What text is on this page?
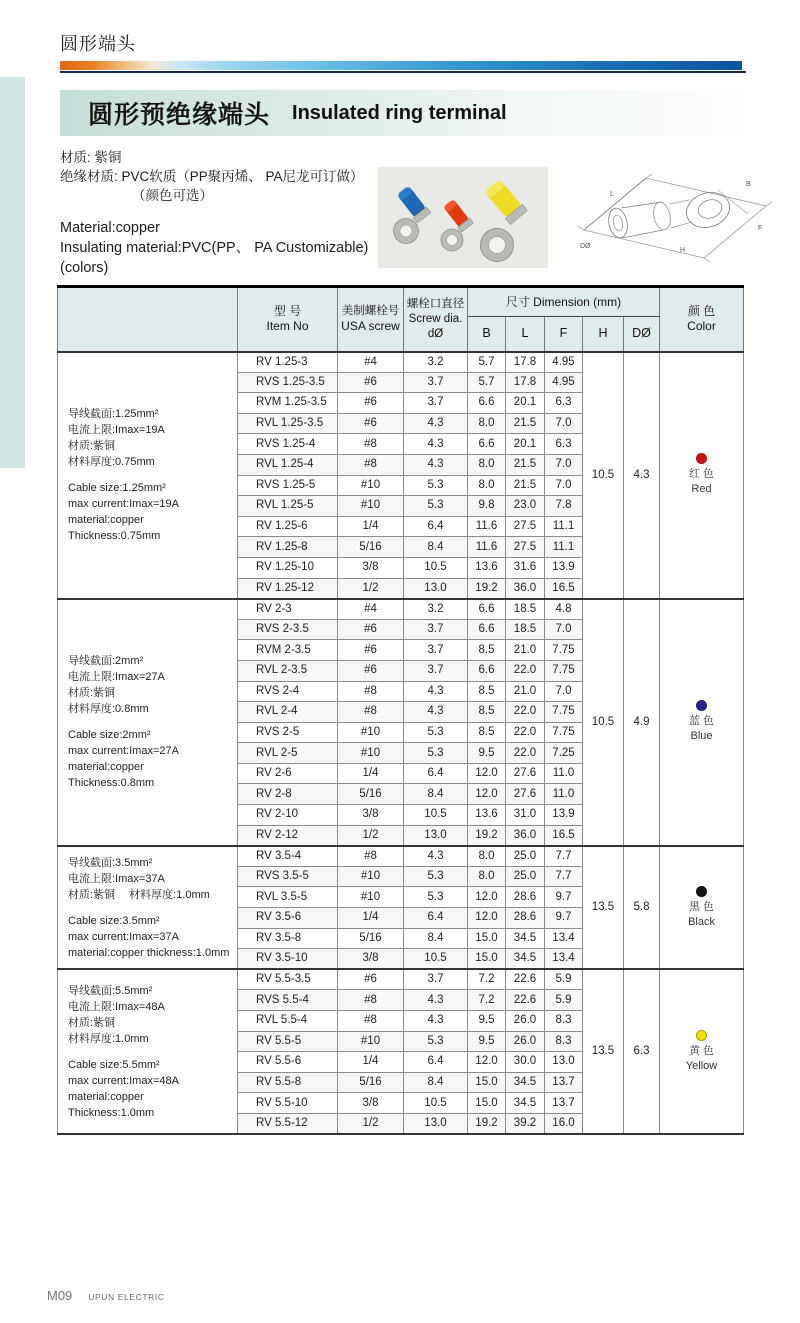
圆形端头
圆形预绝缘端头 Insulated ring terminal
材质: 紫铜
绝缘材质: PVC软质（PP聚丙烯、 PA尼龙可订做）
（颜色可选）
Material:copper
Insulating material:PVC(PP、 PA Customizable)(colors)
L
B
DØ
F
H

型 号
Item No

美制螺栓号
USA screw

螺栓口直径
Screw dia.
dØ
	尺寸 Dimension (mm)	
颜 色
Color

				B	L	F	H	DØ	

导线截面:1.25mm²
电流上限:Imax=19A
材质:紫铜
材料厚度:0.75mm
Cable size:1.25mm²
max current:Imax=19A
material:copper
Thickness:0.75mm
	RV 1.25-3	#4	3.2	5.7	17.8	4.95	10.5	4.3	红 色
Red

	RVS 1.25-3.5	#6	3.7	5.7	17.8	4.95			
	RVM 1.25-3.5	#6	3.7	6.6	20.1	6.3			
	RVL 1.25-3.5	#6	4.3	8.0	21.5	7.0			
	RVS 1.25-4	#8	4.3	6.6	20.1	6.3			
	RVL 1.25-4	#8	4.3	8.0	21.5	7.0			
	RVS 1.25-5	#10	5.3	8.0	21.5	7.0			
	RVL 1.25-5	#10	5.3	9.8	23.0	7.8			
	RV 1.25-6	1/4	6.4	11.6	27.5	11.1			
	RV 1.25-8	5/16	8.4	11.6	27.5	11.1			
	RV 1.25-10	3/8	10.5	13.6	31.6	13.9			
	RV 1.25-12	1/2	13.0	19.2	36.0	16.5			

导线截面:2mm²
电流上限:Imax=27A
材质:紫铜
材料厚度:0.8mm
Cable size:2mm²
max current:Imax=27A
material:copper
Thickness:0.8mm
	RV 2-3	#4	3.2	6.6	18.5	4.8	10.5	4.9	蓝 色
Blue

	RVS 2-3.5	#6	3.7	6.6	18.5	7.0			
	RVM 2-3.5	#6	3.7	8.5	21.0	7.75			
	RVL 2-3.5	#6	3.7	6.6	22.0	7.75			
	RVS 2-4	#8	4.3	8.5	21.0	7.0			
	RVL 2-4	#8	4.3	8.5	22.0	7.75			
	RVS 2-5	#10	5.3	8.5	22.0	7.75			
	RVL 2-5	#10	5.3	9.5	22.0	7.25			
	RV 2-6	1/4	6.4	12.0	27.6	11.0			
	RV 2-8	5/16	8.4	12.0	27.6	11.0			
	RV 2-10	3/8	10.5	13.6	31.0	13.9			
	RV 2-12	1/2	13.0	19.2	36.0	16.5			

导线截面:3.5mm²
电流上限:Imax=37A
材质:紫铜　 材料厚度:1.0mm
Cable size:3.5mm²
max current:Imax=37A
material:copper thickness:1.0mm
	RV 3.5-4	#8	4.3	8.0	25.0	7.7	13.5	5.8	黑 色
Black

	RVS 3.5-5	#10	5.3	8.0	25.0	7.7			
	RVL 3.5-5	#10	5.3	12.0	28.6	9.7			
	RV 3.5-6	1/4	6.4	12.0	28.6	9.7			
	RV 3.5-8	5/16	8.4	15.0	34.5	13.4			
	RV 3.5-10	3/8	10.5	15.0	34.5	13.4			

导线截面:5.5mm²
电流上限:Imax=48A
材质:紫铜
材料厚度:1.0mm
Cable size:5.5mm²
max current:Imax=48A
material:copper
Thickness:1.0mm
	RV 5.5-3.5	#6	3.7	7.2	22.6	5.9	13.5	6.3	黄 色
Yellow

	RVS 5.5-4	#8	4.3	7.2	22.6	5.9			
	RVL 5.5-4	#8	4.3	9.5	26.0	8.3			
	RV 5.5-5	#10	5.3	9.5	26.0	8.3			
	RV 5.5-6	1/4	6.4	12.0	30.0	13.0			
	RV 5.5-8	5/16	8.4	15.0	34.5	13.7			
	RV 5.5-10	3/8	10.5	15.0	34.5	13.7			
	RV 5.5-12	1/2	13.0	19.2	39.2	16.0			
M09 UPUN ELECTRIC
